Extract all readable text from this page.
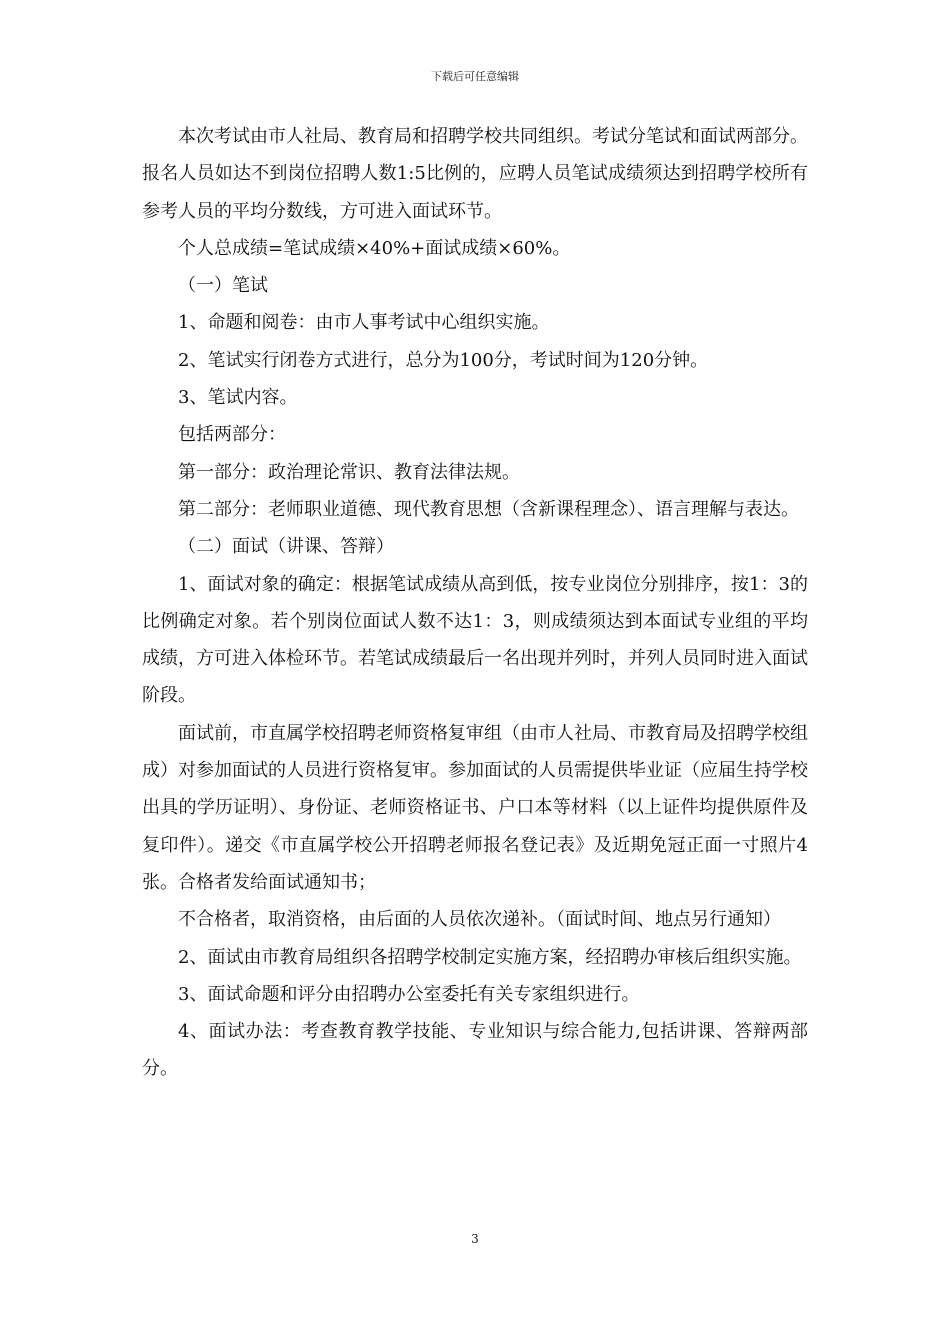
下载后可任意编辑

本次考试由市人社局、教育局和招聘学校共同组织。考试分笔试和面试两部分。报名人员如达不到岗位招聘人数1:5比例的，应聘人员笔试成绩须达到招聘学校所有参考人员的平均分数线，方可进入面试环节。

个人总成绩=笔试成绩×40%+面试成绩×60%。

（一）笔试

1、命题和阅卷：由市人事考试中心组织实施。

2、笔试实行闭卷方式进行，总分为100分，考试时间为120分钟。

3、笔试内容。

包括两部分：

第一部分：政治理论常识、教育法律法规。

第二部分：老师职业道德、现代教育思想（含新课程理念）、语言理解与表达。

（二）面试（讲课、答辩）

1、面试对象的确定：根据笔试成绩从高到低，按专业岗位分别排序，按1：3的比例确定对象。若个别岗位面试人数不达1：3，则成绩须达到本面试专业组的平均成绩，方可进入体检环节。若笔试成绩最后一名出现并列时，并列人员同时进入面试阶段。

面试前，市直属学校招聘老师资格复审组（由市人社局、市教育局及招聘学校组成）对参加面试的人员进行资格复审。参加面试的人员需提供毕业证（应届生持学校出具的学历证明）、身份证、老师资格证书、户口本等材料（以上证件均提供原件及复印件）。递交《市直属学校公开招聘老师报名登记表》及近期免冠正面一寸照片4张。合格者发给面试通知书；

不合格者，取消资格，由后面的人员依次递补。（面试时间、地点另行通知）

2、面试由市教育局组织各招聘学校制定实施方案，经招聘办审核后组织实施。

3、面试命题和评分由招聘办公室委托有关专家组织进行。

4、面试办法：考查教育教学技能、专业知识与综合能力,包括讲课、答辩两部分。

3
